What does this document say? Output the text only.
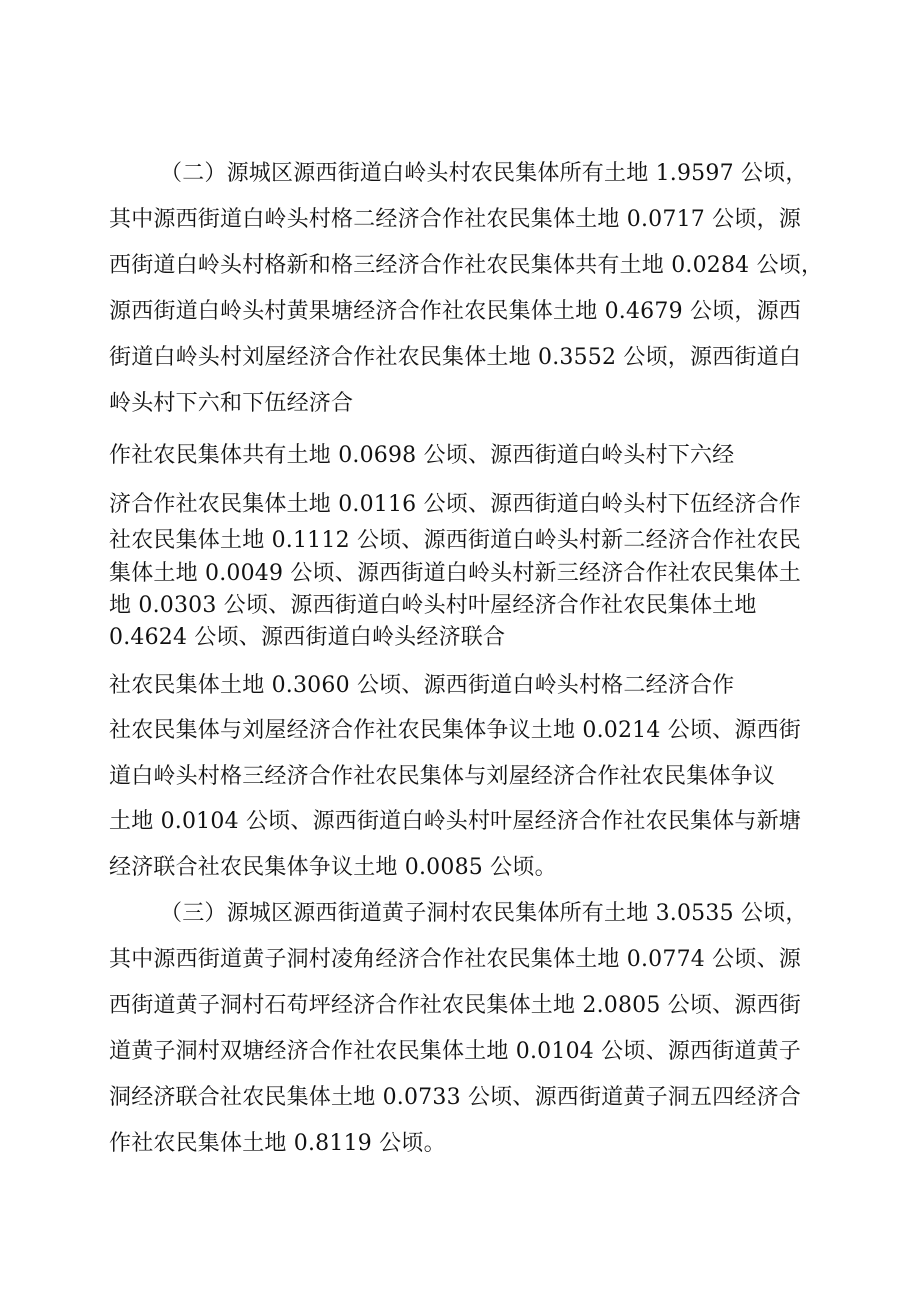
（二）源城区源西街道白岭头村农民集体所有土地 1.9597 公顷，
其中源西街道白岭头村格二经济合作社农民集体土地 0.0717 公顷，源
西街道白岭头村格新和格三经济合作社农民集体共有土地 0.0284 公顷，
源西街道白岭头村黄果塘经济合作社农民集体土地 0.4679 公顷，源西
街道白岭头村刘屋经济合作社农民集体土地 0.3552 公顷，源西街道白
岭头村下六和下伍经济合
作社农民集体共有土地 0.0698 公顷、源西街道白岭头村下六经
济合作社农民集体土地 0.0116 公顷、源西街道白岭头村下伍经济合作
社农民集体土地 0.1112 公顷、源西街道白岭头村新二经济合作社农民
集体土地 0.0049 公顷、源西街道白岭头村新三经济合作社农民集体土
地 0.0303 公顷、源西街道白岭头村叶屋经济合作社农民集体土地
0.4624 公顷、源西街道白岭头经济联合
社农民集体土地 0.3060 公顷、源西街道白岭头村格二经济合作
社农民集体与刘屋经济合作社农民集体争议土地 0.0214 公顷、源西街
道白岭头村格三经济合作社农民集体与刘屋经济合作社农民集体争议
土地 0.0104 公顷、源西街道白岭头村叶屋经济合作社农民集体与新塘
经济联合社农民集体争议土地 0.0085 公顷。
（三）源城区源西街道黄子洞村农民集体所有土地 3.0535 公顷，
其中源西街道黄子洞村凌角经济合作社农民集体土地 0.0774 公顷、源
西街道黄子洞村石苟坪经济合作社农民集体土地 2.0805 公顷、源西街
道黄子洞村双塘经济合作社农民集体土地 0.0104 公顷、源西街道黄子
洞经济联合社农民集体土地 0.0733 公顷、源西街道黄子洞五四经济合
作社农民集体土地 0.8119 公顷。
